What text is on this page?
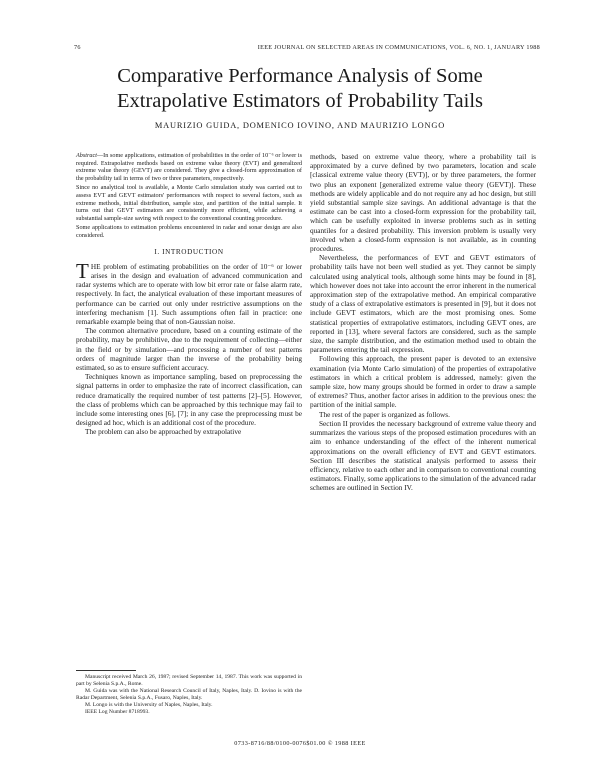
76	IEEE JOURNAL ON SELECTED AREAS IN COMMUNICATIONS, VOL. 6, NO. 1, JANUARY 1988
Comparative Performance Analysis of Some
Extrapolative Estimators of Probability Tails
MAURIZIO GUIDA, DOMENICO IOVINO, AND MAURIZIO LONGO

Abstract—In some applications, estimation of probabilities in the order of 10⁻⁶ or lower is required. Extrapolative methods based on extreme value theory (EVT) and generalized extreme value theory (GEVT) are considered. They give a closed-form approximation of the probability tail in terms of two or three parameters, respectively.

Since no analytical tool is available, a Monte Carlo simulation study was carried out to assess EVT and GEVT estimators' performances with respect to several factors, such as extreme methods, initial distribution, sample size, and partition of the initial sample. It turns out that GEVT estimators are consistently more efficient, while achieving a substantial sample-size saving with respect to the conventional counting procedure.

Some applications to estimation problems encountered in radar and sonar design are also considered.

I. INTRODUCTION

THE problem of estimating probabilities on the order of 10⁻⁶ or lower arises in the design and evaluation of advanced communication and radar systems which are to operate with low bit error rate or false alarm rate, respectively. In fact, the analytical evaluation of these important measures of performance can be carried out only under restrictive assumptions on the interfering mechanism [1]. Such assumptions often fail in practice: one remarkable example being that of non-Gaussian noise.

The common alternative procedure, based on a counting estimate of the probability, may be prohibitive, due to the requirement of collecting—either in the field or by simulation—and processing a number of test patterns orders of magnitude larger than the inverse of the probability being estimated, so as to ensure sufficient accuracy.

Techniques known as importance sampling, based on preprocessing the signal patterns in order to emphasize the rate of incorrect classification, can reduce dramatically the required number of test patterns [2]–[5]. However, the class of problems which can be approached by this technique may fail to include some interesting ones [6], [7]; in any case the preprocessing must be designed ad hoc, which is an additional cost of the procedure.

The problem can also be approached by extrapolative

methods, based on extreme value theory, where a probability tail is approximated by a curve defined by two parameters, location and scale [classical extreme value theory (EVT)], or by three parameters, the former two plus an exponent [generalized extreme value theory (GEVT)]. These methods are widely applicable and do not require any ad hoc design, but still yield substantial sample size savings. An additional advantage is that the estimate can be cast into a closed-form expression for the probability tail, which can be usefully exploited in inverse problems such as in setting quantiles for a desired probability. This inversion problem is usually very involved when a closed-form expression is not available, as in counting procedures.

Nevertheless, the performances of EVT and GEVT estimators of probability tails have not been well studied as yet. They cannot be simply calculated using analytical tools, although some hints may be found in [8], which however does not take into account the error inherent in the numerical approximation step of the extrapolative method. An empirical comparative study of a class of extrapolative estimators is presented in [9], but it does not include GEVT estimators, which are the most promising ones. Some statistical properties of extrapolative estimators, including GEVT ones, are reported in [13], where several factors are considered, such as the sample size, the sample distribution, and the estimation method used to obtain the parameters entering the tail expression.

Following this approach, the present paper is devoted to an extensive examination (via Monte Carlo simulation) of the properties of extrapolative estimators in which a critical problem is addressed, namely: given the sample size, how many groups should be formed in order to draw a sample of extremes? Thus, another factor arises in addition to the previous ones: the partition of the initial sample.

The rest of the paper is organized as follows.

Section II provides the necessary background of extreme value theory and summarizes the various steps of the proposed estimation procedures with an aim to enhance understanding of the effect of the inherent numerical approximations on the overall efficiency of EVT and GEVT estimators. Section III describes the statistical analysis performed to assess their efficiency, relative to each other and in comparison to conventional counting estimators. Finally, some applications to the simulation of the advanced radar schemes are outlined in Section IV.

Manuscript received March 26, 1987; revised September 14, 1987. This work was supported in part by Selenia S.p.A., Rome.

M. Guida was with the National Research Council of Italy, Naples, Italy. D. Iovino is with the Radar Department, Selenia S.p.A., Fusaro, Naples, Italy.

M. Longo is with the University of Naples, Naples, Italy.

IEEE Log Number 8718993.

0733-8716/88/0100-0076$01.00 © 1988 IEEE
